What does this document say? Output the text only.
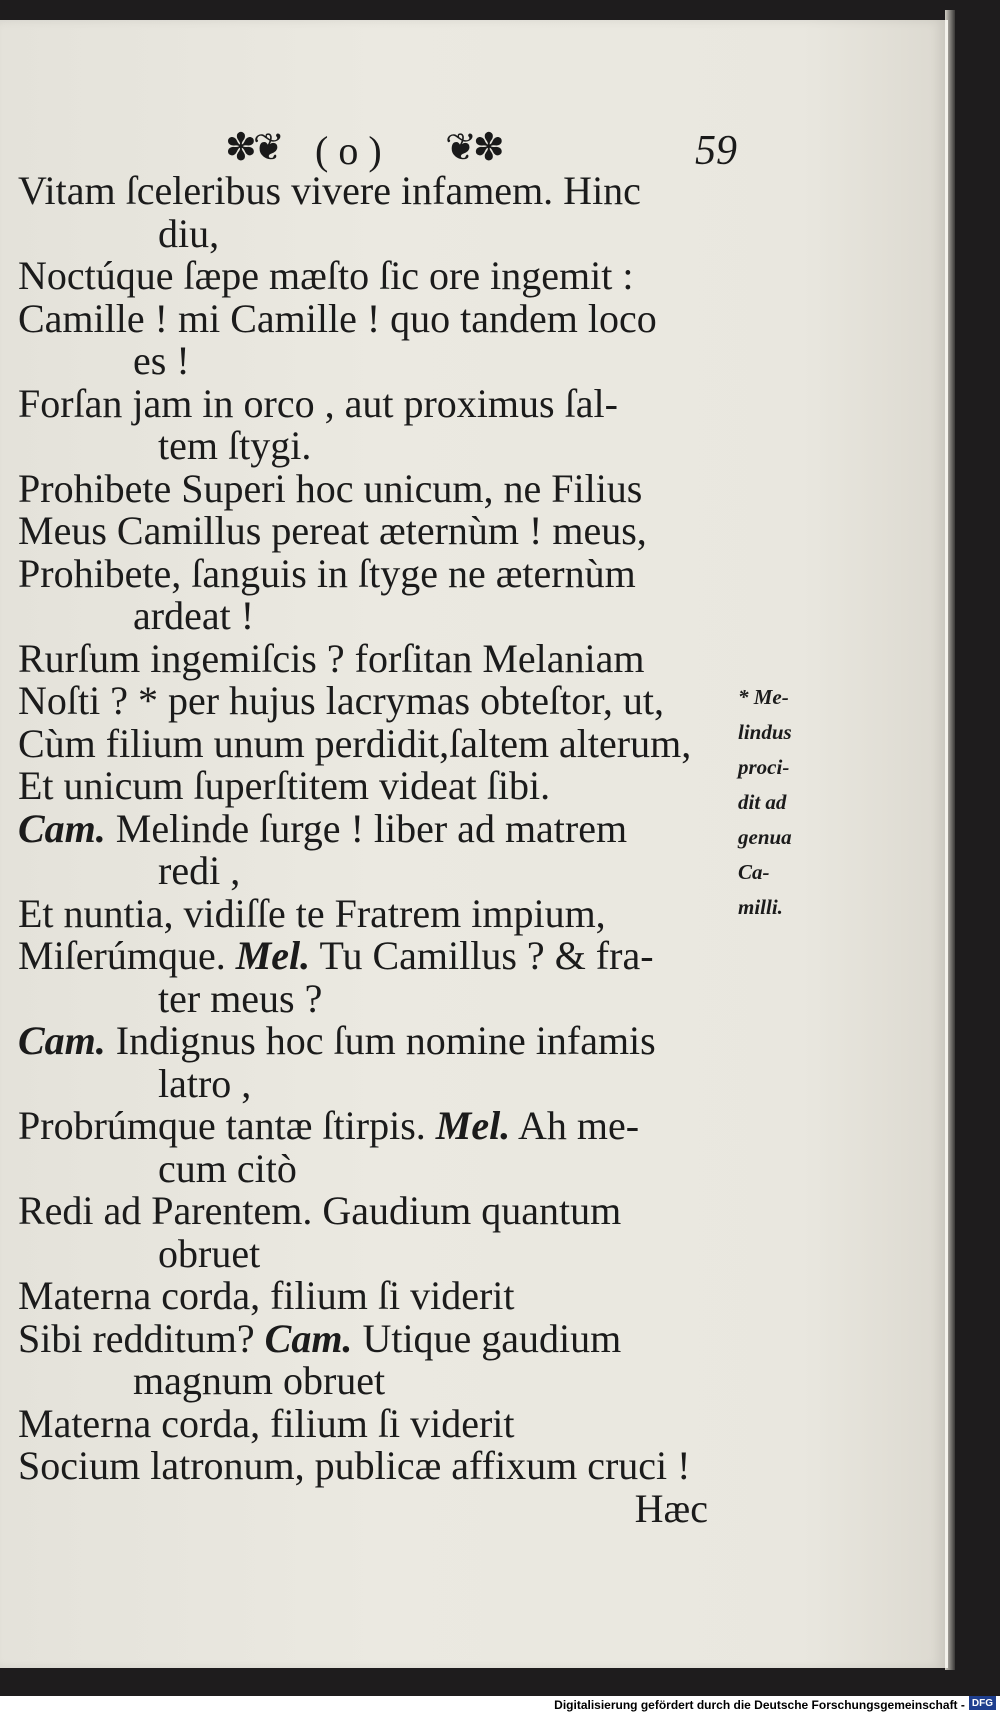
✽❦ ( o ) ❦✽	59
Vitam ſceleribus vivere infamem. Hinc
diu,
Noctúque ſæpe mæſto ſic ore ingemit :
Camille ! mi Camille ! quo tandem loco
es !
Forſan jam in orco , aut proximus ſal-
tem ſtygi.
Prohibete Superi hoc unicum, ne Filius
Meus Camillus pereat æternùm ! meus,
Prohibete, ſanguis in ſtyge ne æternùm
ardeat !
Rurſum ingemiſcis ? forſitan Melaniam
Noſti ? * per hujus lacrymas obteſtor, ut,
Cùm filium unum perdidit,ſaltem alterum,
Et unicum ſuperſtitem videat ſibi.
Cam. Melinde ſurge ! liber ad matrem
redi ,
Et nuntia, vidiſſe te Fratrem impium,
Miſerúmque. Mel. Tu Camillus ? & fra-
ter meus ?
Cam. Indignus hoc ſum nomine infamis
latro ,
Probrúmque tantæ ſtirpis. Mel. Ah me-
cum citò
Redi ad Parentem. Gaudium quantum
obruet
Materna corda, filium ſi viderit
Sibi redditum? Cam. Utique gaudium
magnum obruet
Materna corda, filium ſi viderit
Socium latronum, publicæ affixum cruci !
Hæc
* Me-
lindus
proci-
dit ad
genua
Ca-
milli.
Digitalisierung gefördert durch die Deutsche Forschungsgemeinschaft - DFG
